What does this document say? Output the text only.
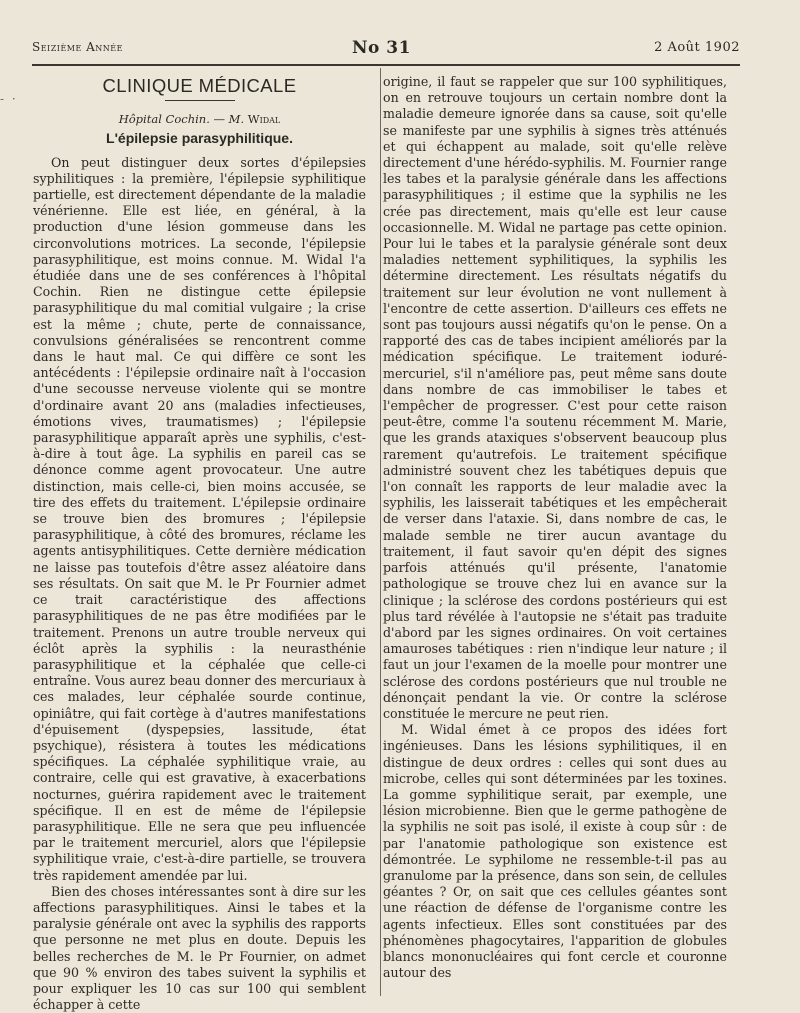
Seizième Année	No 31	2 Août 1902
- ·
CLINIQUE MÉDICALE
Hôpital Cochin. — M. Widal
L'épilepsie parasyphilitique.

On peut distinguer deux sortes d'épilepsies syphilitiques : la première, l'épilepsie syphilitique partielle, est directement dépendante de la maladie vénérienne. Elle est liée, en général, à la production d'une lésion gommeuse dans les circonvolutions motrices. La seconde, l'épilepsie parasyphilitique, est moins connue. M. Widal l'a étudiée dans une de ses conférences à l'hôpital Cochin. Rien ne distingue cette épilepsie parasyphilitique du mal comitial vulgaire ; la crise est la même ; chute, perte de connaissance, convulsions généralisées se rencontrent comme dans le haut mal. Ce qui diffère ce sont les antécédents : l'épilepsie ordinaire naît à l'occasion d'une secousse nerveuse violente qui se montre d'ordinaire avant 20 ans (maladies infectieuses, émotions vives, traumatismes) ; l'épilepsie parasyphilitique apparaît après une syphilis, c'est-à-dire à tout âge. La syphilis en pareil cas se dénonce comme agent provocateur. Une autre distinction, mais celle-ci, bien moins accusée, se tire des effets du traitement. L'épilepsie ordinaire se trouve bien des bromures ; l'épilepsie parasyphilitique, à côté des bromures, réclame les agents antisyphilitiques. Cette dernière médication ne laisse pas toutefois d'être assez aléatoire dans ses résultats. On sait que M. le Pr Fournier admet ce trait caractéristique des affections parasyphilitiques de ne pas être modifiées par le traitement. Prenons un autre trouble nerveux qui éclôt après la syphilis : la neurasthénie parasyphilitique et la céphalée que celle-ci entraîne. Vous aurez beau donner des mercuriaux à ces malades, leur céphalée sourde continue, opiniâtre, qui fait cortège à d'autres manifestations d'épuisement (dyspepsies, lassitude, état psychique), résistera à toutes les médications spécifiques. La céphalée syphilitique vraie, au contraire, celle qui est gravative, à exacerbations nocturnes, guérira rapidement avec le traitement spécifique. Il en est de même de l'épilepsie parasyphilitique. Elle ne sera que peu influencée par le traitement mercuriel, alors que l'épilepsie syphilitique vraie, c'est-à-dire partielle, se trouvera très rapidement amendée par lui.

Bien des choses intéressantes sont à dire sur les affections parasyphilitiques. Ainsi le tabes et la paralysie générale ont avec la syphilis des rapports que personne ne met plus en doute. Depuis les belles recherches de M. le Pr Fournier, on admet que 90 % environ des tabes suivent la syphilis et pour expliquer les 10 cas sur 100 qui semblent échapper à cette

origine, il faut se rappeler que sur 100 syphilitiques, on en retrouve toujours un certain nombre dont la maladie demeure ignorée dans sa cause, soit qu'elle se manifeste par une syphilis à signes très atténués et qui échappent au malade, soit qu'elle relève directement d'une hérédo-syphilis. M. Fournier range les tabes et la paralysie générale dans les affections parasyphilitiques ; il estime que la syphilis ne les crée pas directement, mais qu'elle est leur cause occasionnelle. M. Widal ne partage pas cette opinion. Pour lui le tabes et la paralysie générale sont deux maladies nettement syphilitiques, la syphilis les détermine directement. Les résultats négatifs du traitement sur leur évolution ne vont nullement à l'encontre de cette assertion. D'ailleurs ces effets ne sont pas toujours aussi négatifs qu'on le pense. On a rapporté des cas de tabes incipient améliorés par la médication spécifique. Le traitement ioduré-mercuriel, s'il n'améliore pas, peut même sans doute dans nombre de cas immobiliser le tabes et l'empêcher de progresser. C'est pour cette raison peut-être, comme l'a soutenu récemment M. Marie, que les grands ataxiques s'observent beaucoup plus rarement qu'autrefois. Le traitement spécifique administré souvent chez les tabétiques depuis que l'on connaît les rapports de leur maladie avec la syphilis, les laisserait tabétiques et les empêcherait de verser dans l'ataxie. Si, dans nombre de cas, le malade semble ne tirer aucun avantage du traitement, il faut savoir qu'en dépit des signes parfois atténués qu'il présente, l'anatomie pathologique se trouve chez lui en avance sur la clinique ; la sclérose des cordons postérieurs qui est plus tard révélée à l'autopsie ne s'était pas traduite d'abord par les signes ordinaires. On voit certaines amauroses tabétiques : rien n'indique leur nature ; il faut un jour l'examen de la moelle pour montrer une sclérose des cordons postérieurs que nul trouble ne dénonçait pendant la vie. Or contre la sclérose constituée le mercure ne peut rien.

M. Widal émet à ce propos des idées fort ingénieuses. Dans les lésions syphilitiques, il en distingue de deux ordres : celles qui sont dues au microbe, celles qui sont déterminées par les toxines. La gomme syphilitique serait, par exemple, une lésion microbienne. Bien que le germe pathogène de la syphilis ne soit pas isolé, il existe à coup sûr : de par l'anatomie pathologique son existence est démontrée. Le syphilome ne ressemble-t-il pas au granulome par la présence, dans son sein, de cellules géantes ? Or, on sait que ces cellules géantes sont une réaction de défense de l'organisme contre les agents infectieux. Elles sont constituées par des phénomènes phagocytaires, l'apparition de globules blancs mononucléaires qui font cercle et couronne autour des
